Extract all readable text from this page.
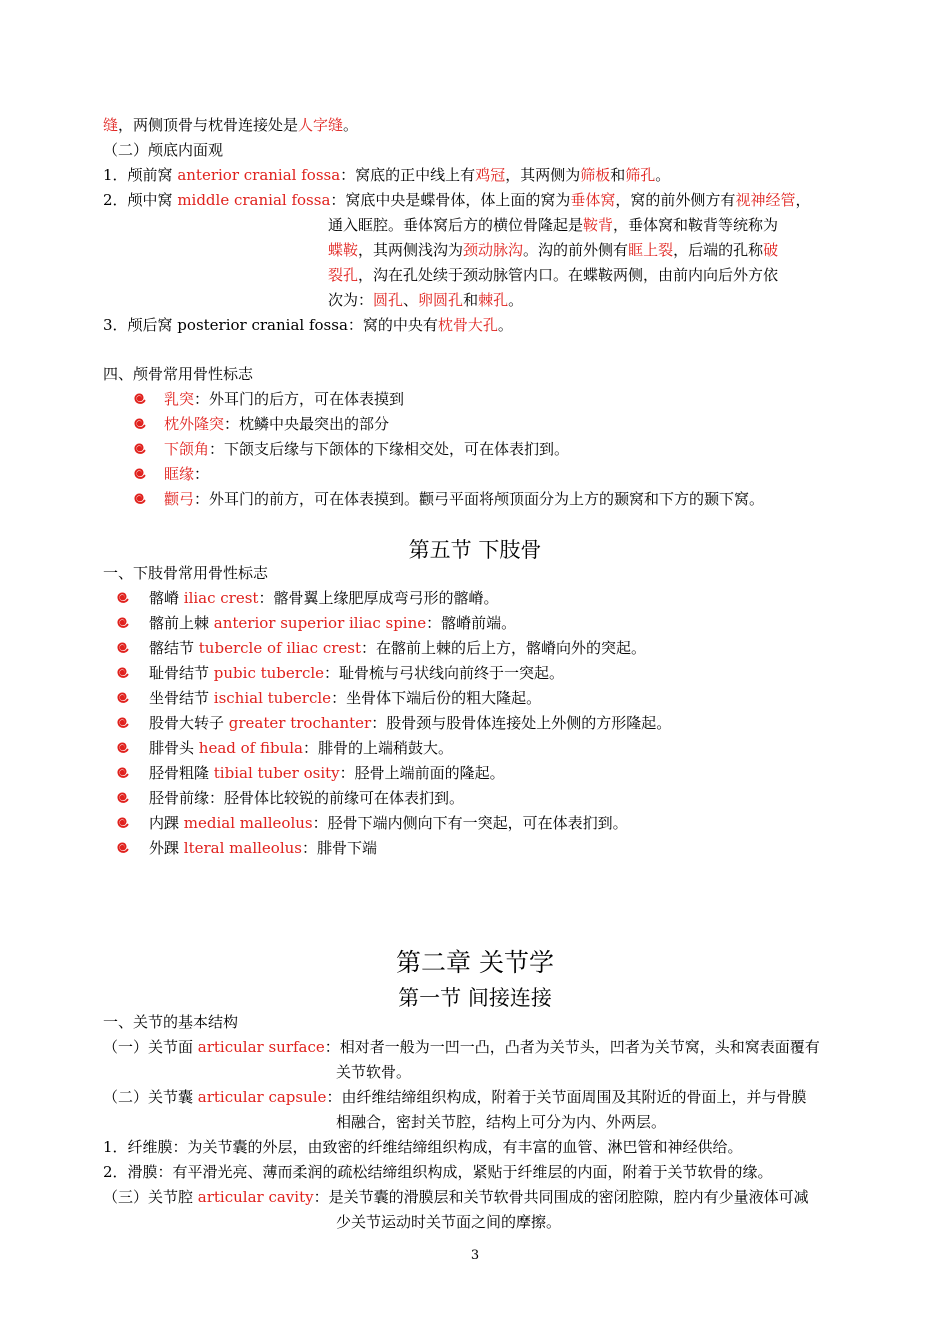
缝，两侧顶骨与枕骨连接处是人字缝。
（二）颅底内面观
1．颅前窝 anterior cranial fossa：窝底的正中线上有鸡冠，其两侧为筛板和筛孔。
2．颅中窝 middle cranial fossa：窝底中央是蝶骨体，体上面的窝为垂体窝，窝的前外侧方有视神经管，
通入眶腔。垂体窝后方的横位骨隆起是鞍背，垂体窝和鞍背等统称为
蝶鞍，其两侧浅沟为颈动脉沟。沟的前外侧有眶上裂，后端的孔称破
裂孔，沟在孔处续于颈动脉管内口。在蝶鞍两侧，由前内向后外方依
次为：圆孔、卵圆孔和棘孔。
3．颅后窝 posterior cranial fossa：窝的中央有枕骨大孔。
四、颅骨常用骨性标志
乳突：外耳门的后方，可在体表摸到
枕外隆突：枕鳞中央最突出的部分
下颌角：下颌支后缘与下颌体的下缘相交处，可在体表扪到。
眶缘：
颧弓：外耳门的前方，可在体表摸到。颧弓平面将颅顶面分为上方的颞窝和下方的颞下窝。
第五节 下肢骨
一、下肢骨常用骨性标志
髂嵴 iliac crest：髂骨翼上缘肥厚成弯弓形的髂嵴。
髂前上棘 anterior superior iliac spine：髂嵴前端。
髂结节 tubercle of iliac crest：在髂前上棘的后上方，髂嵴向外的突起。
耻骨结节 pubic tubercle：耻骨梳与弓状线向前终于一突起。
坐骨结节 ischial tubercle：坐骨体下端后份的粗大隆起。
股骨大转子 greater trochanter：股骨颈与股骨体连接处上外侧的方形隆起。
腓骨头 head of fibula：腓骨的上端稍鼓大。
胫骨粗隆 tibial tuber osity：胫骨上端前面的隆起。
胫骨前缘：胫骨体比较锐的前缘可在体表扪到。
内踝 medial malleolus：胫骨下端内侧向下有一突起，可在体表扪到。
外踝 lteral malleolus：腓骨下端
第二章 关节学
第一节 间接连接
一、关节的基本结构
（一）关节面 articular surface：相对者一般为一凹一凸，凸者为关节头，凹者为关节窝，头和窝表面覆有
关节软骨。
（二）关节囊 articular capsule：由纤维结缔组织构成，附着于关节面周围及其附近的骨面上，并与骨膜
相融合，密封关节腔，结构上可分为内、外两层。
1．纤维膜：为关节囊的外层，由致密的纤维结缔组织构成，有丰富的血管、淋巴管和神经供给。
2．滑膜：有平滑光亮、薄而柔润的疏松结缔组织构成，紧贴于纤维层的内面，附着于关节软骨的缘。
（三）关节腔 articular cavity：是关节囊的滑膜层和关节软骨共同围成的密闭腔隙，腔内有少量液体可减
少关节运动时关节面之间的摩擦。
3
